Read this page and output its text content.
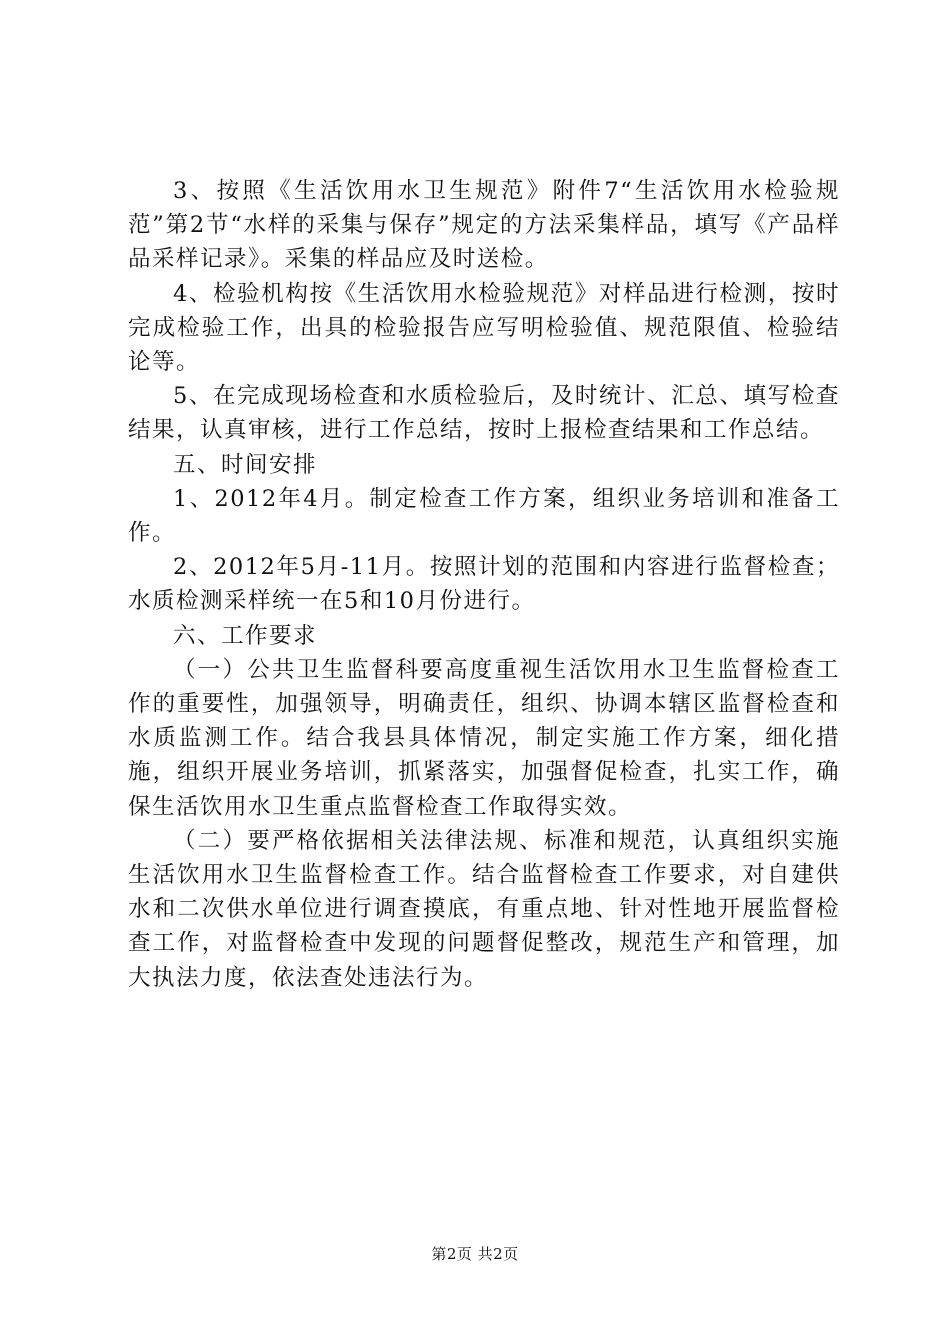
3、按照《生活饮用水卫生规范》附件7“生活饮用水检验规范”第2节“水样的采集与保存”规定的方法采集样品，填写《产品样品采样记录》。采集的样品应及时送检。

4、检验机构按《生活饮用水检验规范》对样品进行检测，按时完成检验工作，出具的检验报告应写明检验值、规范限值、检验结论等。

5、在完成现场检查和水质检验后，及时统计、汇总、填写检查结果，认真审核，进行工作总结，按时上报检查结果和工作总结。

五、时间安排

1、2012年4月。制定检查工作方案，组织业务培训和准备工作。

2、2012年5月-11月。按照计划的范围和内容进行监督检查；水质检测采样统一在5和10月份进行。

六、工作要求

（一）公共卫生监督科要高度重视生活饮用水卫生监督检查工作的重要性，加强领导，明确责任，组织、协调本辖区监督检查和水质监测工作。结合我县具体情况，制定实施工作方案，细化措施，组织开展业务培训，抓紧落实，加强督促检查，扎实工作，确保生活饮用水卫生重点监督检查工作取得实效。

（二）要严格依据相关法律法规、标准和规范，认真组织实施生活饮用水卫生监督检查工作。结合监督检查工作要求，对自建供水和二次供水单位进行调查摸底，有重点地、针对性地开展监督检查工作，对监督检查中发现的问题督促整改，规范生产和管理，加大执法力度，依法查处违法行为。

第2页 共2页
